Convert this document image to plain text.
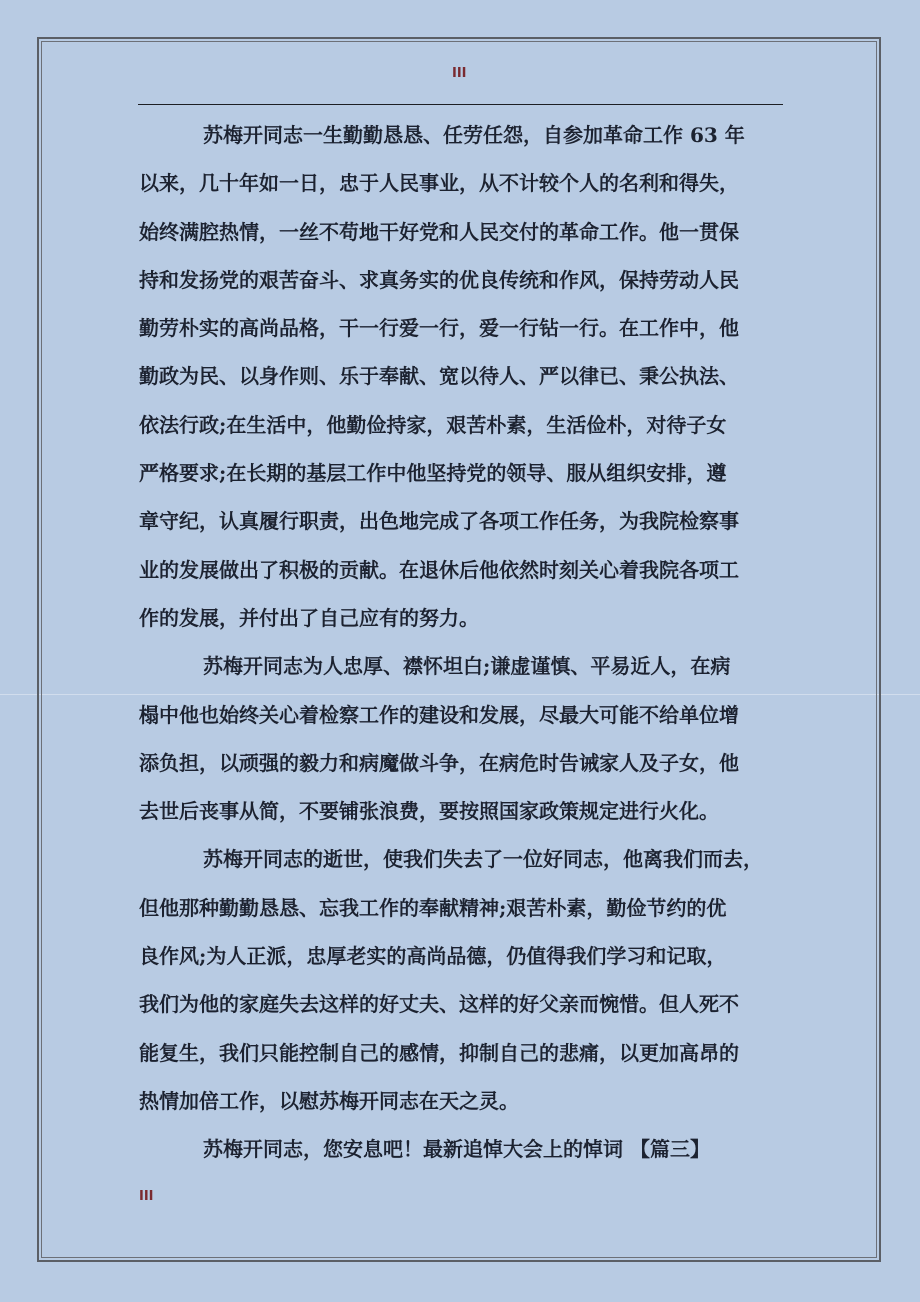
III
苏梅开同志一生勤勤恳恳、任劳任怨，自参加革命工作 63 年
以来，几十年如一日，忠于人民事业，从不计较个人的名利和得失，
始终满腔热情，一丝不苟地干好党和人民交付的革命工作。他一贯保
持和发扬党的艰苦奋斗、求真务实的优良传统和作风，保持劳动人民
勤劳朴实的高尚品格，干一行爱一行，爱一行钻一行。在工作中，他
勤政为民、以身作则、乐于奉献、宽以待人、严以律已、秉公执法、
依法行政;在生活中，他勤俭持家，艰苦朴素，生活俭朴，对待子女
严格要求;在长期的基层工作中他坚持党的领导、服从组织安排，遵
章守纪，认真履行职责，出色地完成了各项工作任务，为我院检察事
业的发展做出了积极的贡献。在退休后他依然时刻关心着我院各项工
作的发展，并付出了自己应有的努力。
苏梅开同志为人忠厚、襟怀坦白;谦虚谨慎、平易近人，在病
榻中他也始终关心着检察工作的建设和发展，尽最大可能不给单位增
添负担，以顽强的毅力和病魔做斗争，在病危时告诫家人及子女，他
去世后丧事从简，不要铺张浪费，要按照国家政策规定进行火化。
苏梅开同志的逝世，使我们失去了一位好同志，他离我们而去，
但他那种勤勤恳恳、忘我工作的奉献精神;艰苦朴素，勤俭节约的优
良作风;为人正派，忠厚老实的高尚品德，仍值得我们学习和记取，
我们为他的家庭失去这样的好丈夫、这样的好父亲而惋惜。但人死不
能复生，我们只能控制自己的感情，抑制自己的悲痛，以更加高昂的
热情加倍工作，以慰苏梅开同志在天之灵。
苏梅开同志，您安息吧！最新追悼大会上的悼词 【篇三】
III
